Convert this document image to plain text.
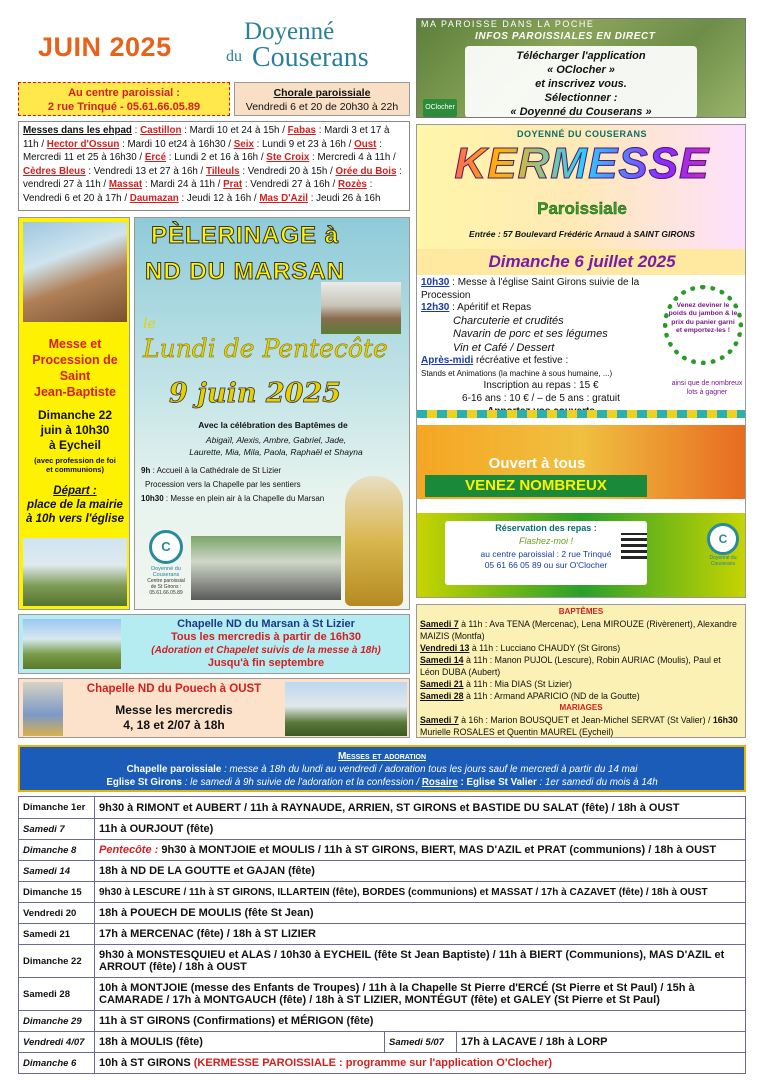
JUIN 2025
Doyenné
du Couserans
MA PAROISSE DANS LA POCHE
INFOS PAROISSIALES EN DIRECT
Télécharger l'application
« OClocher »
et inscrivez vous.
Sélectionner :
« Doyenné du Couserans »
OClocher
Au centre paroissial :
2 rue Trinqué - 05.61.66.05.89
Chorale paroissiale
Vendredi 6 et 20 de 20h30 à 22h
Messes dans les ehpad : Castillon : Mardi 10 et 24 à 15h / Fabas : Mardi 3 et 17 à 11h / Hector d'Ossun : Mardi 10 et24 à 16h30 / Seix : Lundi 9 et 23 à 16h / Oust : Mercredi 11 et 25 à 16h30 / Ercé : Lundi 2 et 16 à 16h / Ste Croix : Mercredi 4 à 11h / Cèdres Bleus : Vendredi 13 et 27 à 16h / Tilleuls : Vendredi 20 à 15h / Orée du Bois : vendredi 27 à 11h / Massat : Mardi 24 à 11h / Prat : Vendredi 27 à 16h / Rozès : Vendredi 6 et 20 à 17h / Daumazan : Jeudi 12 à 16h / Mas D'Azil : Jeudi 26 à 16h
Messe et
Procession de
Saint
Jean-Baptiste
Dimanche 22
juin à 10h30
à Eycheil
(avec profession de foi
et communions)
Départ :
place de la mairie
à 10h vers l'église
PÈLERINAGE à
ND DU MARSAN
le
Lundi de Pentecôte
9 juin 2025
Avec la célébration des Baptêmes de
Abigaïl, Alexis, Ambre, Gabriel, Jade,
Laurette, Mia, Mila, Paola, Raphaël et Shayna
9h : Accueil à la Cathédrale de St Lizier
Procession vers la Chapelle par les sentiers
10h30 : Messe en plein air à la Chapelle du Marsan
C
Doyenné du Couserans
Centre paroissial
de St Girons :
05.61.66.05.89
DOYENNÉ DU COUSERANS
KERMESSE
Paroissiale
Entrée : 57 Boulevard Frédéric Arnaud à SAINT GIRONS
Dimanche 6 juillet 2025
10h30 : Messe à l'église Saint Girons suivie de la Procession
12h30 : Apéritif et Repas
Charcuterie et crudités
Navarin de porc et ses légumes
Vin et Café / Dessert
Après-midi récréative et festive :
Stands et Animations (la machine à sous humaine, ...)
Inscription au repas : 15 €
6-16 ans : 10 € / – de 5 ans : gratuit
Venez deviner le poids du jambon & le prix du panier garni et emportez-les !
ainsi que de nombreux lots à gagner
Ouvert à tous
VENEZ NOMBREUX
Réservation des repas :
Flashez-moi !
au centre paroissial : 2 rue Trinqué
05 61 66 05 89 ou sur O'Clocher
C
Doyenné du Couserans
Chapelle ND du Marsan à St Lizier
Tous les mercredis à partir de 16h30
(Adoration et Chapelet suivis de la messe à 18h)
Jusqu'à fin septembre
Chapelle ND du Pouech à OUST
Messe les mercredis
4, 18 et 2/07 à 18h
BAPTÊMES
Samedi 7 à 11h : Ava TENA (Mercenac), Lena MIROUZE (Rivèrenert), Alexandre MAIZIS (Montfa)
Vendredi 13 à 11h : Lucciano CHAUDY (St Girons)
Samedi 14 à 11h : Manon PUJOL (Lescure), Robin AURIAC (Moulis), Paul et Léon DUBA (Aubert)
Samedi 21 à 11h : Mia DIAS (St Lizier)
Samedi 28 à 11h : Armand APARICIO (ND de la Goutte)
MARIAGES
Samedi 7 à 16h : Marion BOUSQUET et Jean-Michel SERVAT (St Valier) / 16h30 Murielle ROSALES et Quentin MAUREL (Eycheil)
Messes et adoration
Chapelle paroissiale : messe à 18h du lundi au vendredi / adoration tous les jours sauf le mercredi à partir du 14 mai
Eglise St Girons : le samedi à 9h suivie de l'adoration et la confession / Rosaire : Eglise St Valier : 1er samedi du mois à 14h
Dimanche 1er	9h30 à RIMONT et AUBERT / 11h à RAYNAUDE, ARRIEN, ST GIRONS et BASTIDE DU SALAT (fête) / 18h à OUST		
Samedi 7	11h à OURJOUT (fête)		
Dimanche 8	Pentecôte : 9h30 à MONTJOIE et MOULIS / 11h à ST GIRONS, BIERT, MAS D'AZIL et PRAT (communions) / 18h à OUST		
Samedi 14	18h à ND DE LA GOUTTE et GAJAN (fête)		
Dimanche 15	9h30 à LESCURE / 11h à ST GIRONS, ILLARTEIN (fête), BORDES (communions) et MASSAT / 17h à CAZAVET (fête) / 18h à OUST		
Vendredi 20	18h à POUECH DE MOULIS (fête St Jean)		
Samedi 21	17h à MERCENAC (fête) / 18h à ST LIZIER		
Dimanche 22	9h30 à MONSTESQUIEU et ALAS / 10h30 à EYCHEIL (fête St Jean Baptiste) / 11h à BIERT (Communions), MAS D'AZIL et ARROUT (fête) / 18h à OUST		
Samedi 28	10h à MONTJOIE (messe des Enfants de Troupes) / 11h à la Chapelle St Pierre d'ERCÉ (St Pierre et St Paul) / 15h à CAMARADE / 17h à MONTGAUCH (fête) / 18h à ST LIZIER, MONTÉGUT (fête) et GALEY (St Pierre et St Paul)		
Dimanche 29	11h à ST GIRONS (Confirmations) et MÉRIGON (fête)		
Vendredi 4/07	18h à MOULIS (fête)	Samedi 5/07	17h à LACAVE / 18h à LORP
Dimanche 6	10h à ST GIRONS (KERMESSE PAROISSIALE : programme sur l'application O'Clocher)		
